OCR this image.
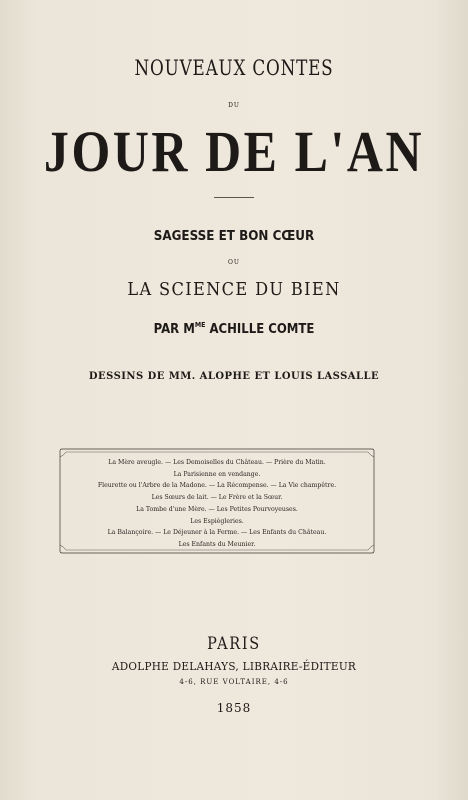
NOUVEAUX CONTES
DU
JOUR DE L'AN
SAGESSE ET BON CŒUR
OU
LA SCIENCE DU BIEN
PAR $M^{ME}$ ACHILLE COMTE
DESSINS DE MM. ALOPHE ET LOUIS LASSALLE
La Mère aveugle. — Les Demoiselles du Château. — Prière du Matin.
La Parisienne en vendange.
Fleurette ou l'Arbre de la Madone. — La Récompense. — La Vie champêtre.
Les Sœurs de lait. — Le Frère et la Sœur.
La Tombe d'une Mère. — Les Petites Pourvoyeuses.
Les Espiègleries.
La Balançoire. — Le Déjeuner à la Ferme. — Les Enfants du Château.
Les Enfants du Meunier.
PARIS
ADOLPHE DELAHAYS, LIBRAIRE-ÉDITEUR
4-6, RUE VOLTAIRE, 4-6
1858
